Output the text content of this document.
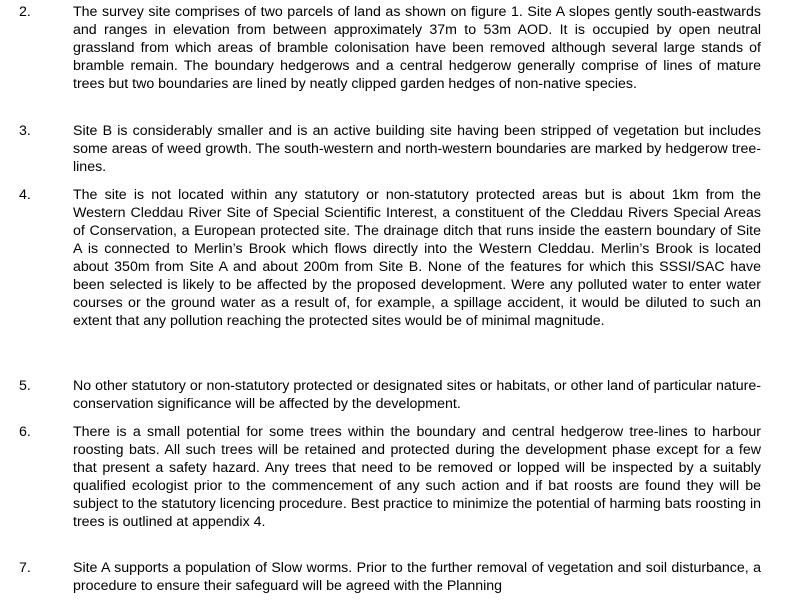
2.	The survey site comprises of two parcels of land as shown on figure 1. Site A slopes gently south-eastwards and ranges in elevation from between approximately 37m to 53m AOD. It is occupied by open neutral grassland from which areas of bramble colonisation have been removed although several large stands of bramble remain. The boundary hedgerows and a central hedgerow generally comprise of lines of mature trees but two boundaries are lined by neatly clipped garden hedges of non-native species.

3.	Site B is considerably smaller and is an active building site having been stripped of vegetation but includes some areas of weed growth. The south-western and north-western boundaries are marked by hedgerow tree-lines.

4.	The site is not located within any statutory or non-statutory protected areas but is about 1km from the Western Cleddau River Site of Special Scientific Interest, a constituent of the Cleddau Rivers Special Areas of Conservation, a European protected site. The drainage ditch that runs inside the eastern boundary of Site A is connected to Merlin’s Brook which flows directly into the Western Cleddau. Merlin’s Brook is located about 350m from Site A and about 200m from Site B. None of the features for which this SSSI/SAC have been selected is likely to be affected by the proposed development. Were any polluted water to enter water courses or the ground water as a result of, for example, a spillage accident, it would be diluted to such an extent that any pollution reaching the protected sites would be of minimal magnitude.

5.	No other statutory or non-statutory protected or designated sites or habitats, or other land of particular nature-conservation significance will be affected by the development.

6.	There is a small potential for some trees within the boundary and central hedgerow tree-lines to harbour roosting bats. All such trees will be retained and protected during the development phase except for a few that present a safety hazard. Any trees that need to be removed or lopped will be inspected by a suitably qualified ecologist prior to the commencement of any such action and if bat roosts are found they will be subject to the statutory licencing procedure. Best practice to minimize the potential of harming bats roosting in trees is outlined at appendix 4.

7.	Site A supports a population of Slow worms. Prior to the further removal of vegetation and soil disturbance, a procedure to ensure their safeguard will be agreed with the Planning
